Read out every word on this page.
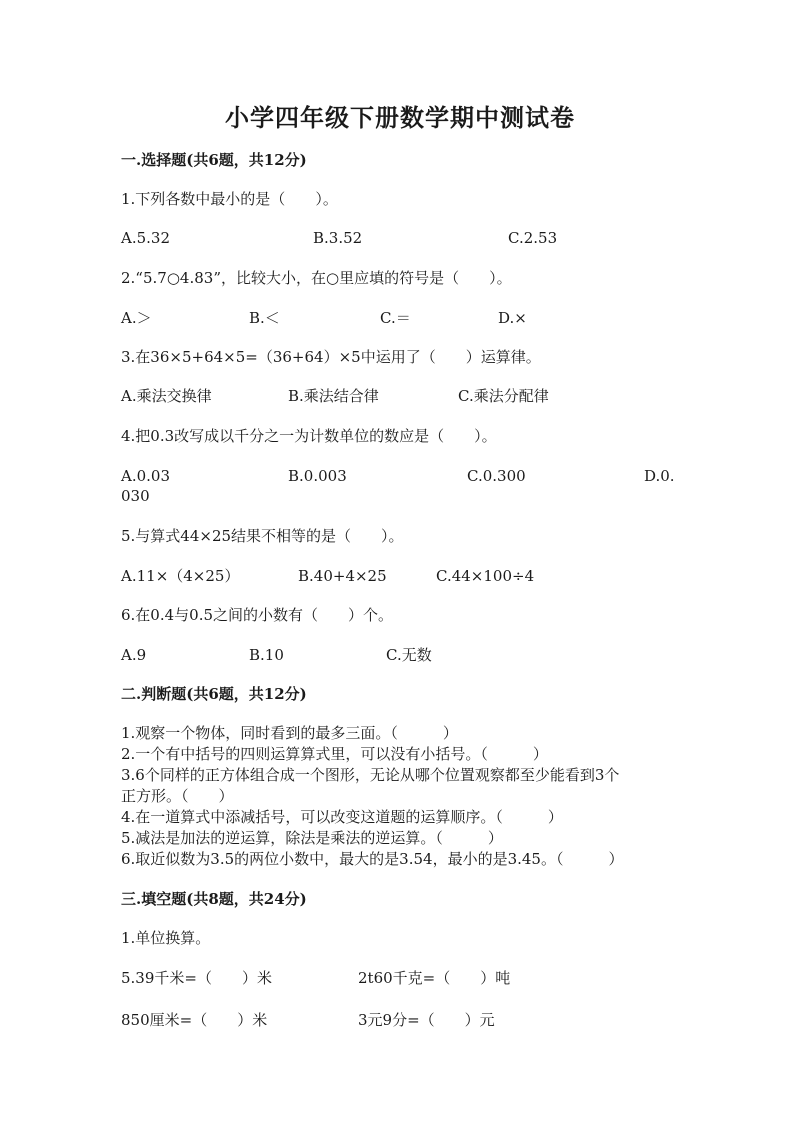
小学四年级下册数学期中测试卷
一.选择题(共6题，共12分)
1.下列各数中最小的是（　　）。
A.5.32	B.3.52	C.2.53
2.“5.7○4.83”，比较大小，在○里应填的符号是（　　）。
A.＞	B.＜	C.＝	D.×
3.在36×5+64×5=（36+64）×5中运用了（　　）运算律。
A.乘法交换律	B.乘法结合律	C.乘法分配律
4.把0.3改写成以千分之一为计数单位的数应是（　　）。
A.0.03	B.0.003	C.0.300	D.0.
030
5.与算式44×25结果不相等的是（　　）。
A.11×（4×25）	B.40+4×25	C.44×100÷4
6.在0.4与0.5之间的小数有（　　）个。
A.9	B.10	C.无数
二.判断题(共6题，共12分)
1.观察一个物体，同时看到的最多三面。（　　　）
2.一个有中括号的四则运算算式里，可以没有小括号。（　　　）
3.6个同样的正方体组合成一个图形，无论从哪个位置观察都至少能看到3个
正方形。（　　）
4.在一道算式中添减括号，可以改变这道题的运算顺序。（　　　）
5.减法是加法的逆运算，除法是乘法的逆运算。（　　　）
6.取近似数为3.5的两位小数中，最大的是3.54，最小的是3.45。（　　　）
三.填空题(共8题，共24分)
1.单位换算。
5.39千米=（　　）米	2t60千克=（　　）吨
850厘米=（　　）米	3元9分=（　　）元
